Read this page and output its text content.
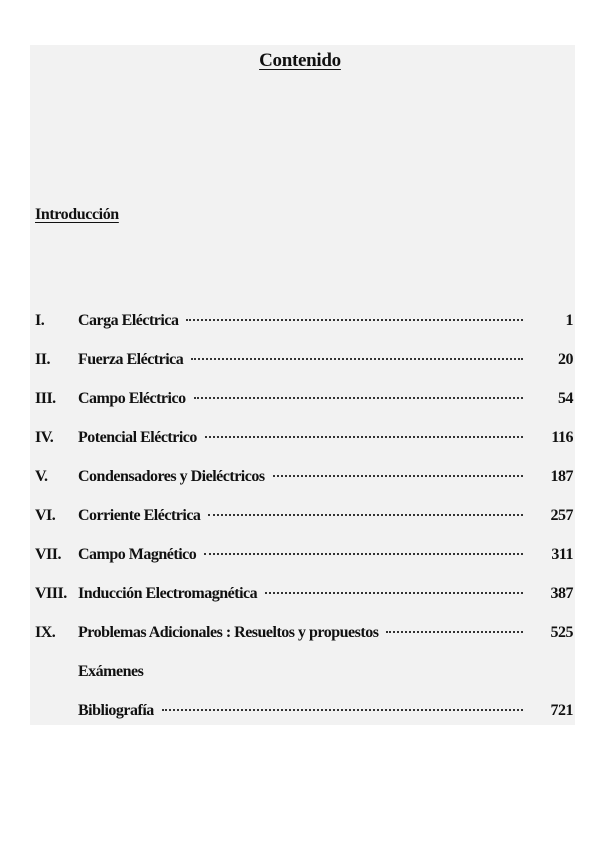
Contenido
Introducción
I.	Carga Eléctrica	1
II.	Fuerza Eléctrica	20
III.	Campo Eléctrico	54
IV.	Potencial Eléctrico	116
V.	Condensadores y Dieléctricos	187
VI.	Corriente Eléctrica	257
VII.	Campo Magnético	311
VIII. Inducción Electromagnética	387
IX.	Problemas Adicionales : Resueltos y propuestos	525
Exámenes
Bibliografía	721
